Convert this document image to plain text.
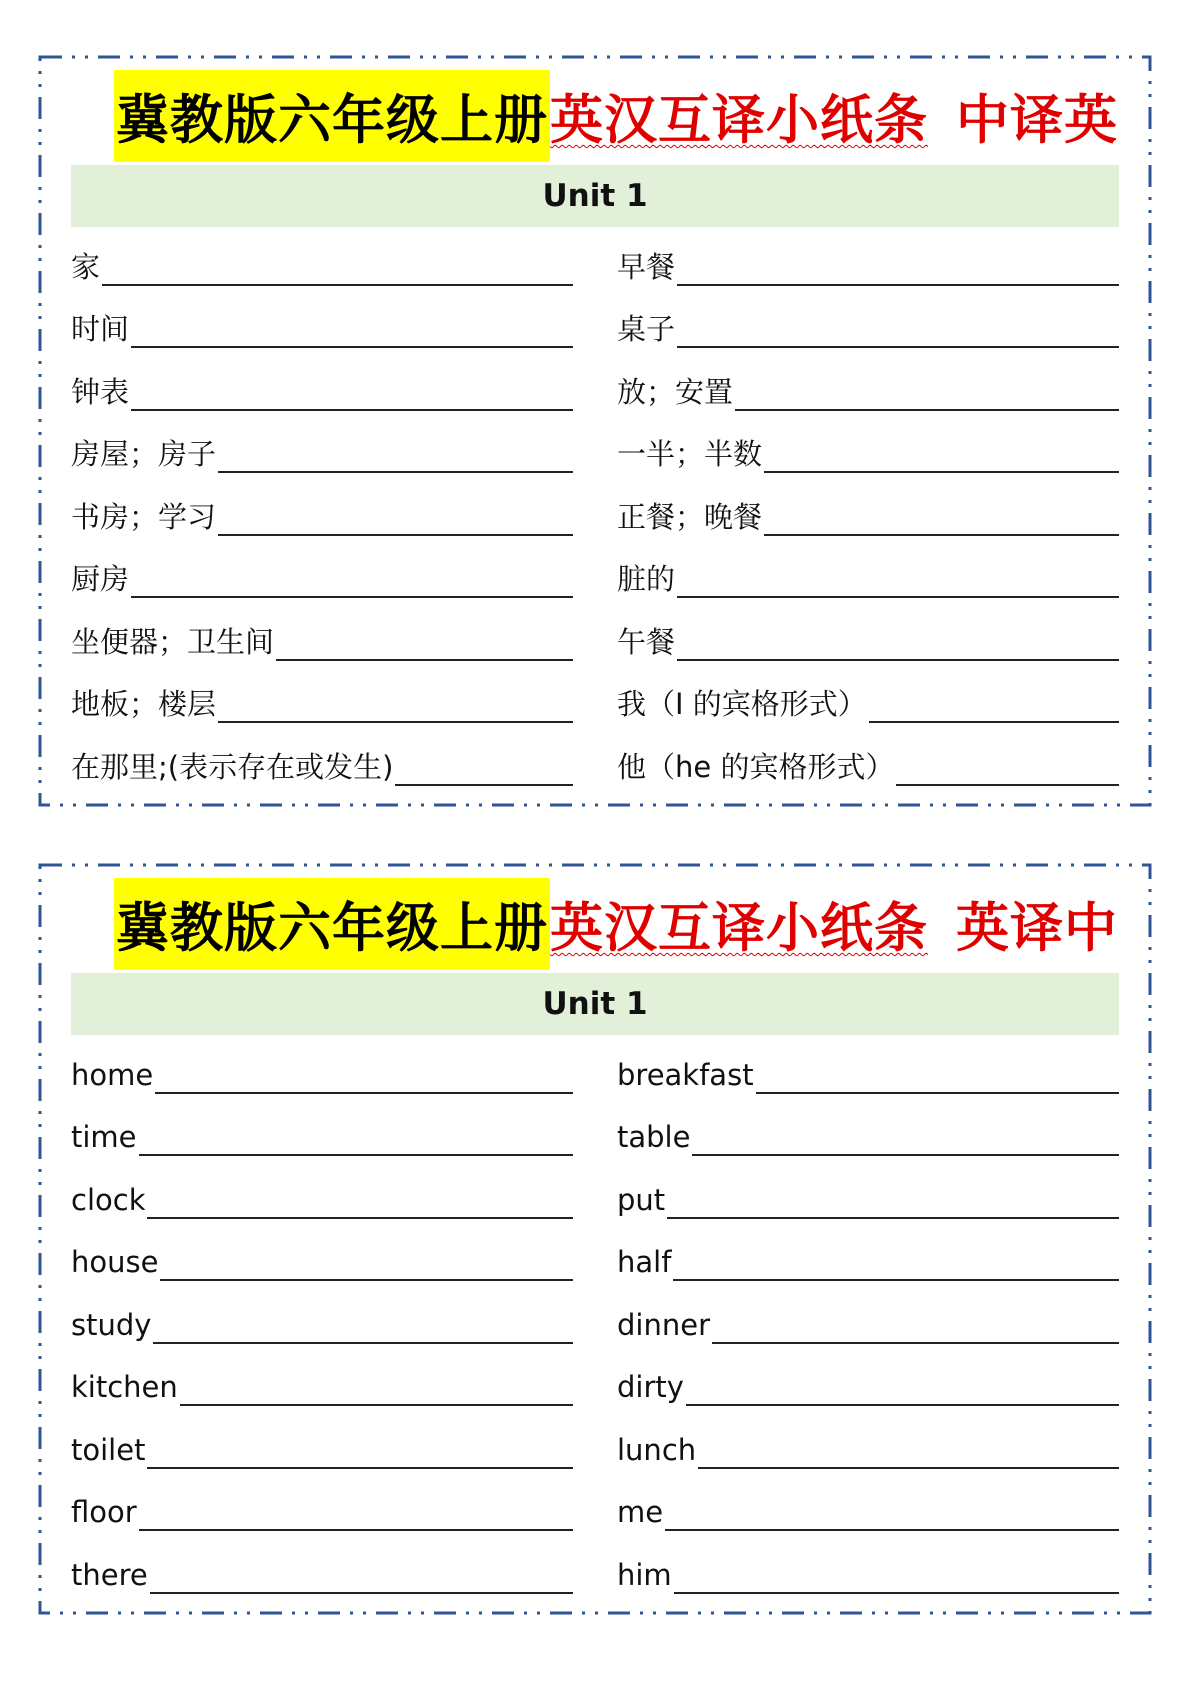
冀教版六年级上册 英汉互译小纸条 中译英
Unit 1
家	早餐
时间	桌子
钟表	放；安置
房屋；房子	一半；半数
书房；学习	正餐；晚餐
厨房	脏的
坐便器；卫生间	午餐
地板；楼层	我（I 的宾格形式）
在那里;(表示存在或发生)	他（he 的宾格形式）
冀教版六年级上册 英汉互译小纸条 英译中
Unit 1
home	breakfast
time	table
clock	put
house	half
study	dinner
kitchen	dirty
toilet	lunch
floor	me
there	him
